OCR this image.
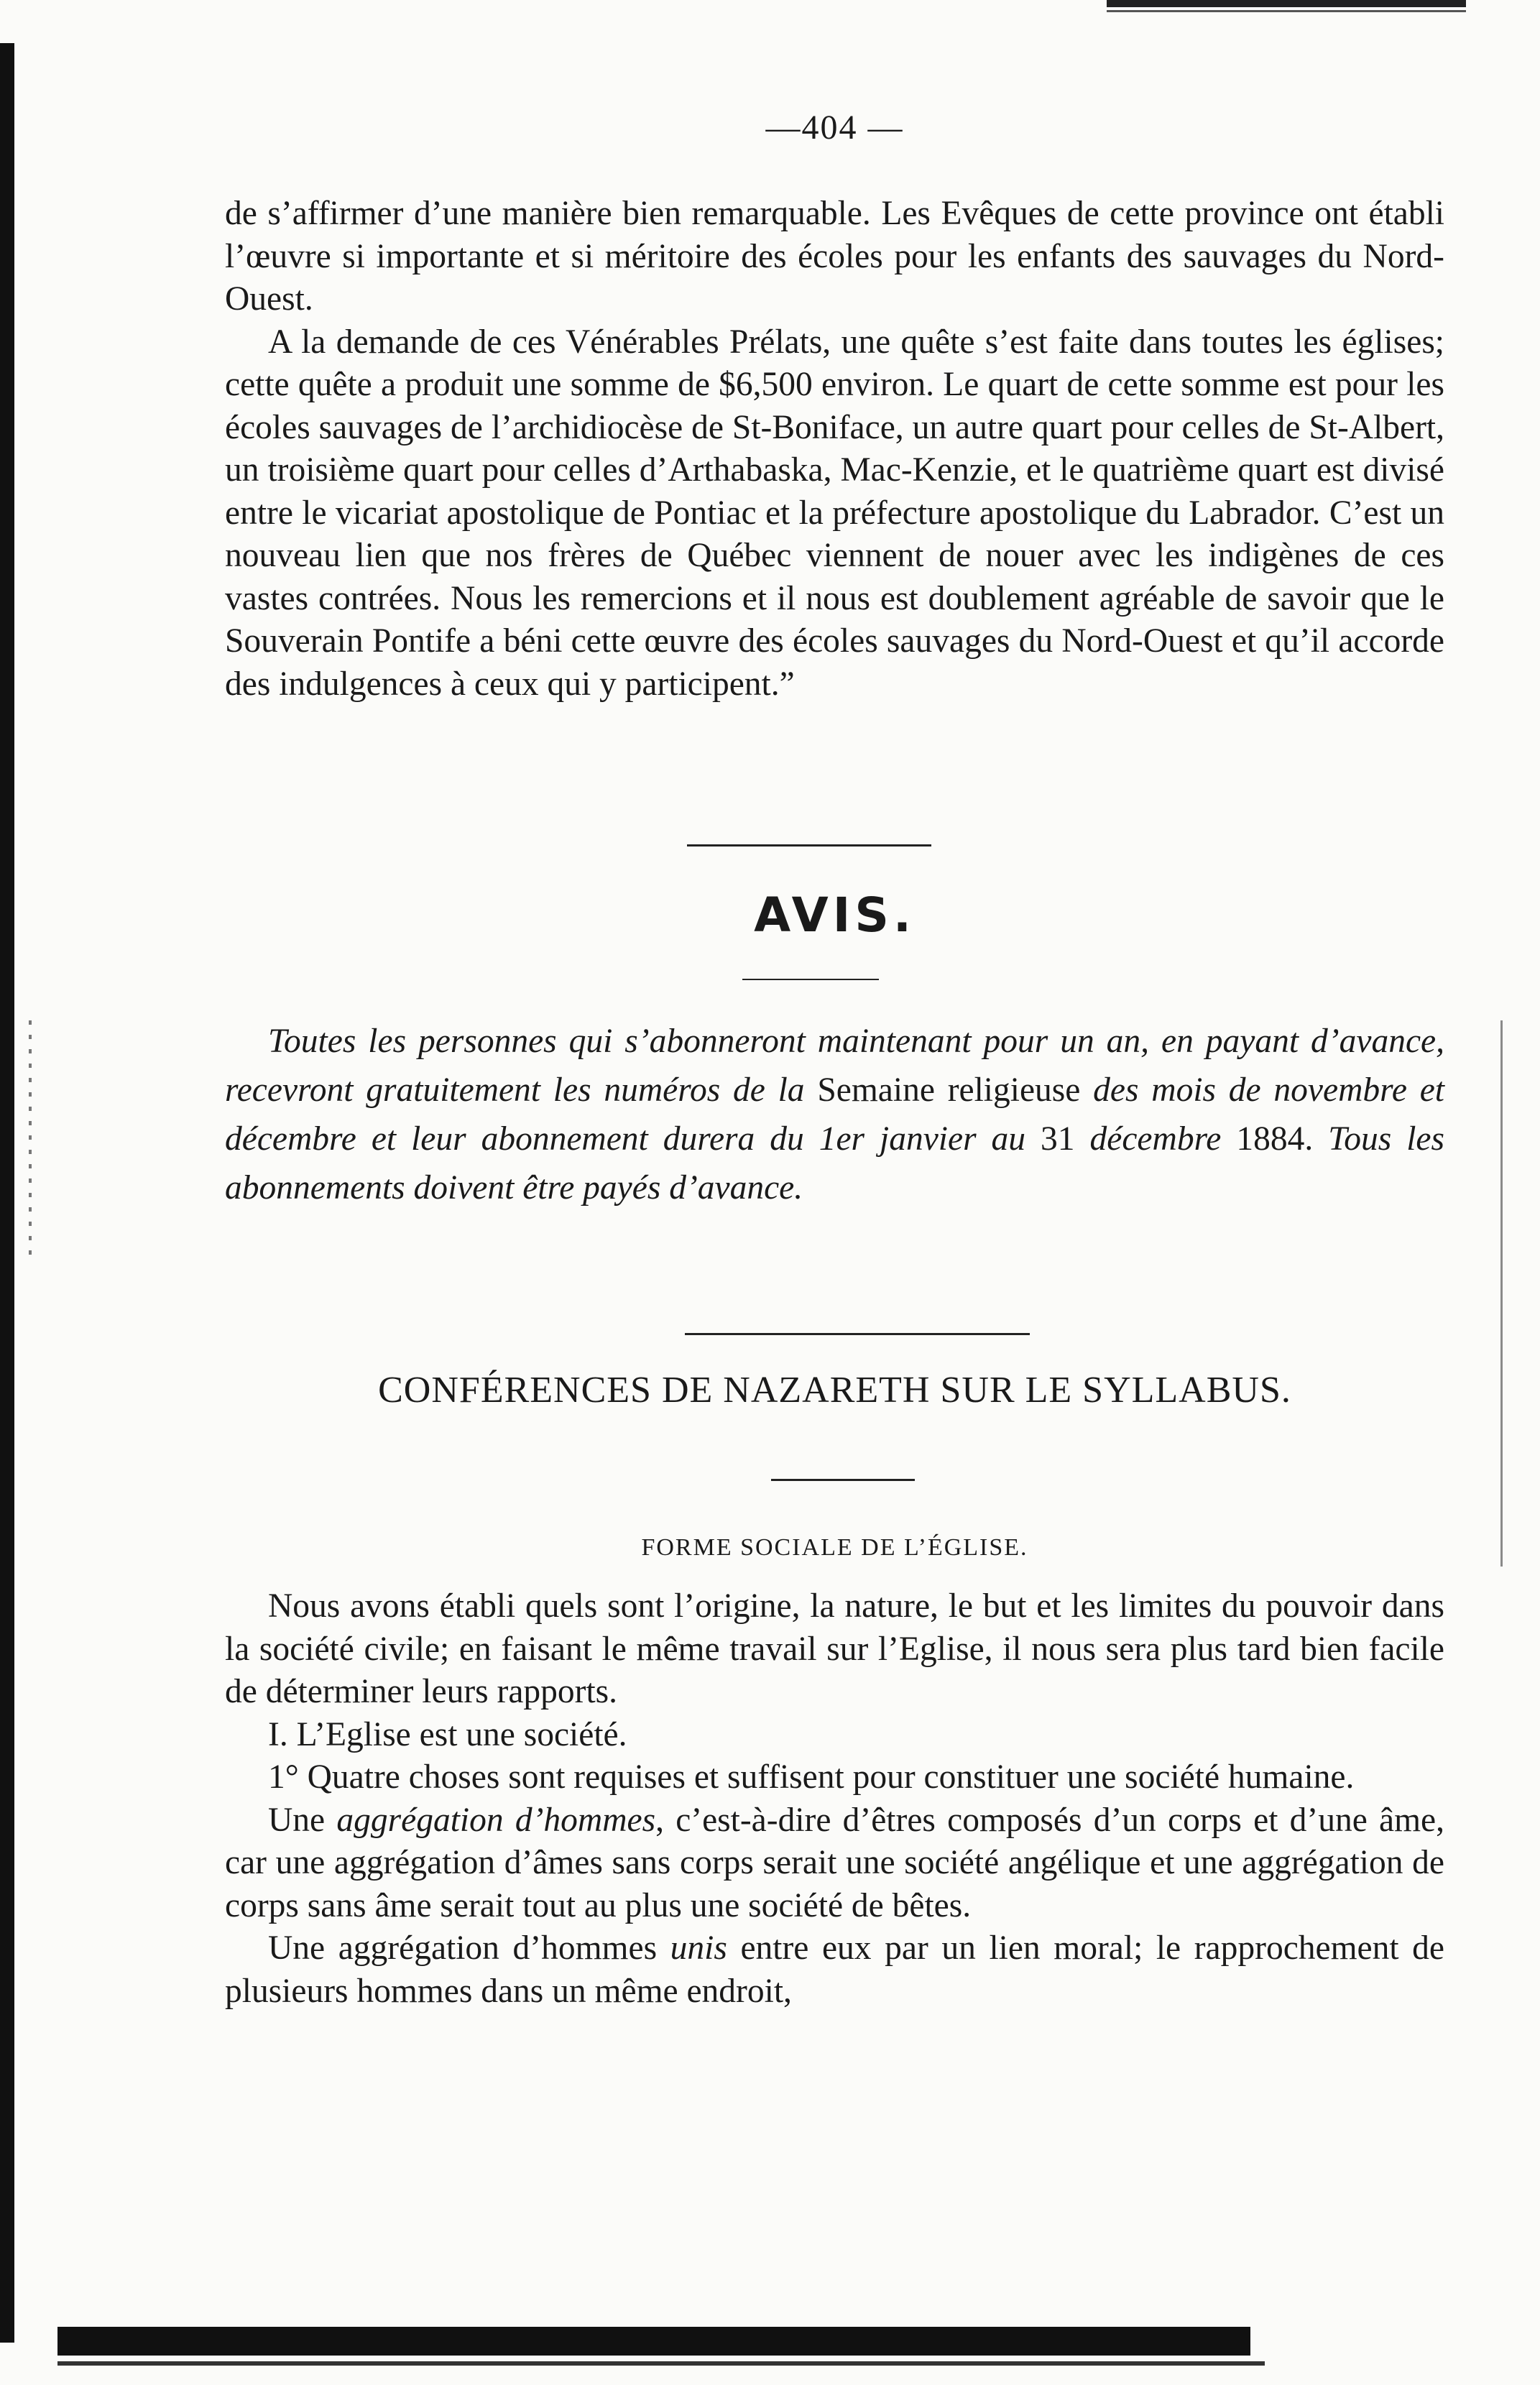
—404 —

de s’affirmer d’une manière bien remarquable. Les Evêques de cette province ont établi l’œuvre si importante et si méritoire des écoles pour les enfants des sauvages du Nord-Ouest.

A la demande de ces Vénérables Prélats, une quête s’est faite dans toutes les églises; cette quête a produit une somme de $6,500 environ. Le quart de cette somme est pour les écoles sauvages de l’archidiocèse de St-Boniface, un autre quart pour celles de St-Albert, un troisième quart pour celles d’Arthabaska, Mac-Kenzie, et le quatrième quart est divisé entre le vicariat apostolique de Pontiac et la préfecture apostolique du Labrador. C’est un nouveau lien que nos frères de Québec viennent de nouer avec les indigènes de ces vastes contrées. Nous les remercions et il nous est doublement agréable de savoir que le Souverain Pontife a béni cette œuvre des écoles sauvages du Nord-Ouest et qu’il accorde des indulgences à ceux qui y participent.”

AVIS.
Toutes les personnes qui s’abonneront maintenant pour un an, en payant d’avance, recevront gratuitement les numéros de la Semaine religieuse des mois de novembre et décembre et leur abonnement durera du 1er janvier au 31 décembre 1884. Tous les abonnements doivent être payés d’avance.
CONFÉRENCES DE NAZARETH SUR LE SYLLABUS.
FORME SOCIALE DE L’ÉGLISE.

Nous avons établi quels sont l’origine, la nature, le but et les limites du pouvoir dans la société civile; en faisant le même travail sur l’Eglise, il nous sera plus tard bien facile de déterminer leurs rapports.

I. L’Eglise est une société.

1° Quatre choses sont requises et suffisent pour constituer une société humaine.

Une aggrégation d’hommes, c’est-à-dire d’êtres composés d’un corps et d’une âme, car une aggrégation d’âmes sans corps serait une société angélique et une aggrégation de corps sans âme serait tout au plus une société de bêtes.

Une aggrégation d’hommes unis entre eux par un lien moral; le rapprochement de plusieurs hommes dans un même endroit,
